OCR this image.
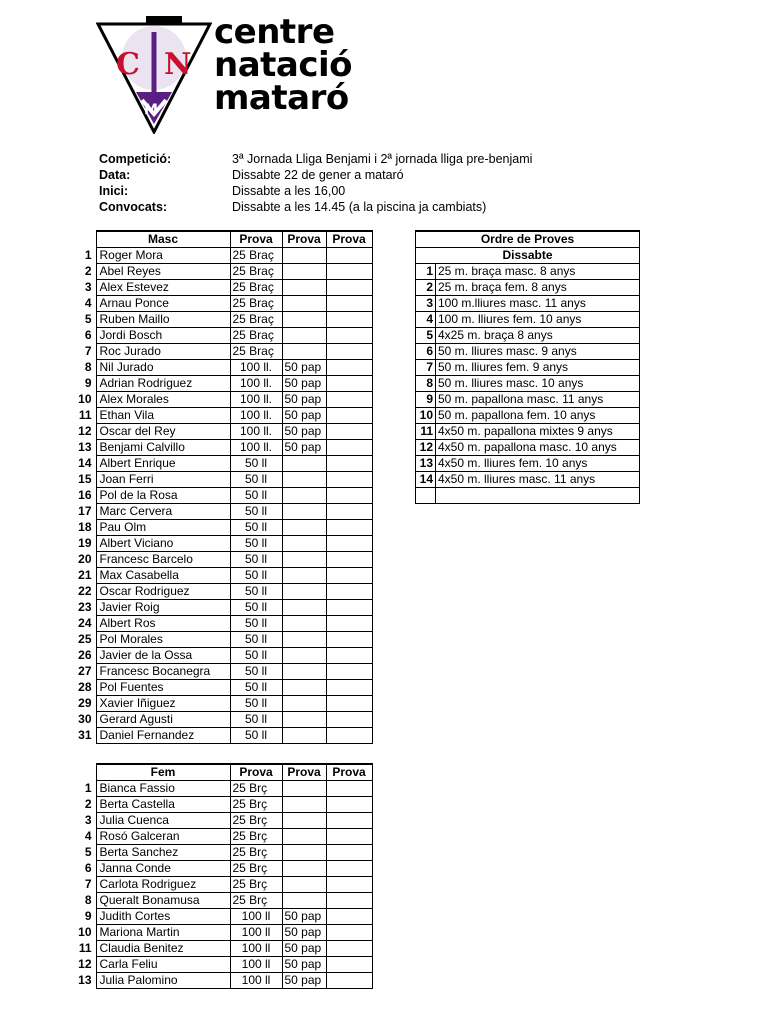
C N
M
centre
natació
mataró
Competició:	3ª Jornada Lliga Benjami i 2ª jornada lliga pre-benjami
Data:	Dissabte 22 de gener a mataró
Inici:	Dissabte a les 16,00
Convocats:	Dissabte a les 14.45 (a la piscina ja cambiats)
	Masc	Prova	Prova	Prova
1	Roger Mora	25 Braç		
2	Abel Reyes	25 Braç		
3	Alex Estevez	25 Braç		
4	Arnau Ponce	25 Braç		
5	Ruben Maillo	25 Braç		
6	Jordi Bosch	25 Braç		
7	Roc Jurado	25 Braç		
8	Nil Jurado	100 ll.	50 pap	
9	Adrian Rodriguez	100 ll.	50 pap	
10	Alex Morales	100 ll.	50 pap	
11	Ethan Vila	100 ll.	50 pap	
12	Oscar del Rey	100 ll.	50 pap	
13	Benjami Calvillo	100 ll.	50 pap	
14	Albert Enrique	50 ll		
15	Joan Ferri	50 ll		
16	Pol de la Rosa	50 ll		
17	Marc Cervera	50 ll		
18	Pau Olm	50 ll		
19	Albert Viciano	50 ll		
20	Francesc Barcelo	50 ll		
21	Max Casabella	50 ll		
22	Oscar Rodriguez	50 ll		
23	Javier Roig	50 ll		
24	Albert Ros	50 ll		
25	Pol Morales	50 ll		
26	Javier de la Ossa	50 ll		
27	Francesc Bocanegra	50 ll		
28	Pol Fuentes	50 ll		
29	Xavier Iñiguez	50 ll		
30	Gerard Agusti	50 ll		
31	Daniel Fernandez	50 ll		
	Fem	Prova	Prova	Prova
1	Bianca Fassio	25 Brç		
2	Berta Castella	25 Brç		
3	Julia Cuenca	25 Brç		
4	Rosó Galceran	25 Brç		
5	Berta Sanchez	25 Brç		
6	Janna Conde	25 Brç		
7	Carlota Rodriguez	25 Brç		
8	Queralt Bonamusa	25 Brç		
9	Judith Cortes	100 ll	50 pap	
10	Mariona Martin	100 ll	50 pap	
11	Claudia Benitez	100 ll	50 pap	
12	Carla Feliu	100 ll	50 pap	
13	Julia Palomino	100 ll	50 pap	
Ordre de Proves	
Dissabte	
1	25 m. braça masc. 8 anys
2	25 m. braça fem. 8 anys
3	100 m.lliures masc. 11 anys
4	100 m. lliures fem. 10 anys
5	4x25 m. braça 8 anys
6	50 m. lliures masc. 9 anys
7	50 m. lliures fem. 9 anys
8	50 m. lliures masc. 10 anys
9	50 m. papallona masc. 11 anys
10	50 m. papallona fem. 10 anys
11	4x50 m. papallona mixtes 9 anys
12	4x50 m. papallona masc. 10 anys
13	4x50 m. lliures fem. 10 anys
14	4x50 m. lliures masc. 11 anys
